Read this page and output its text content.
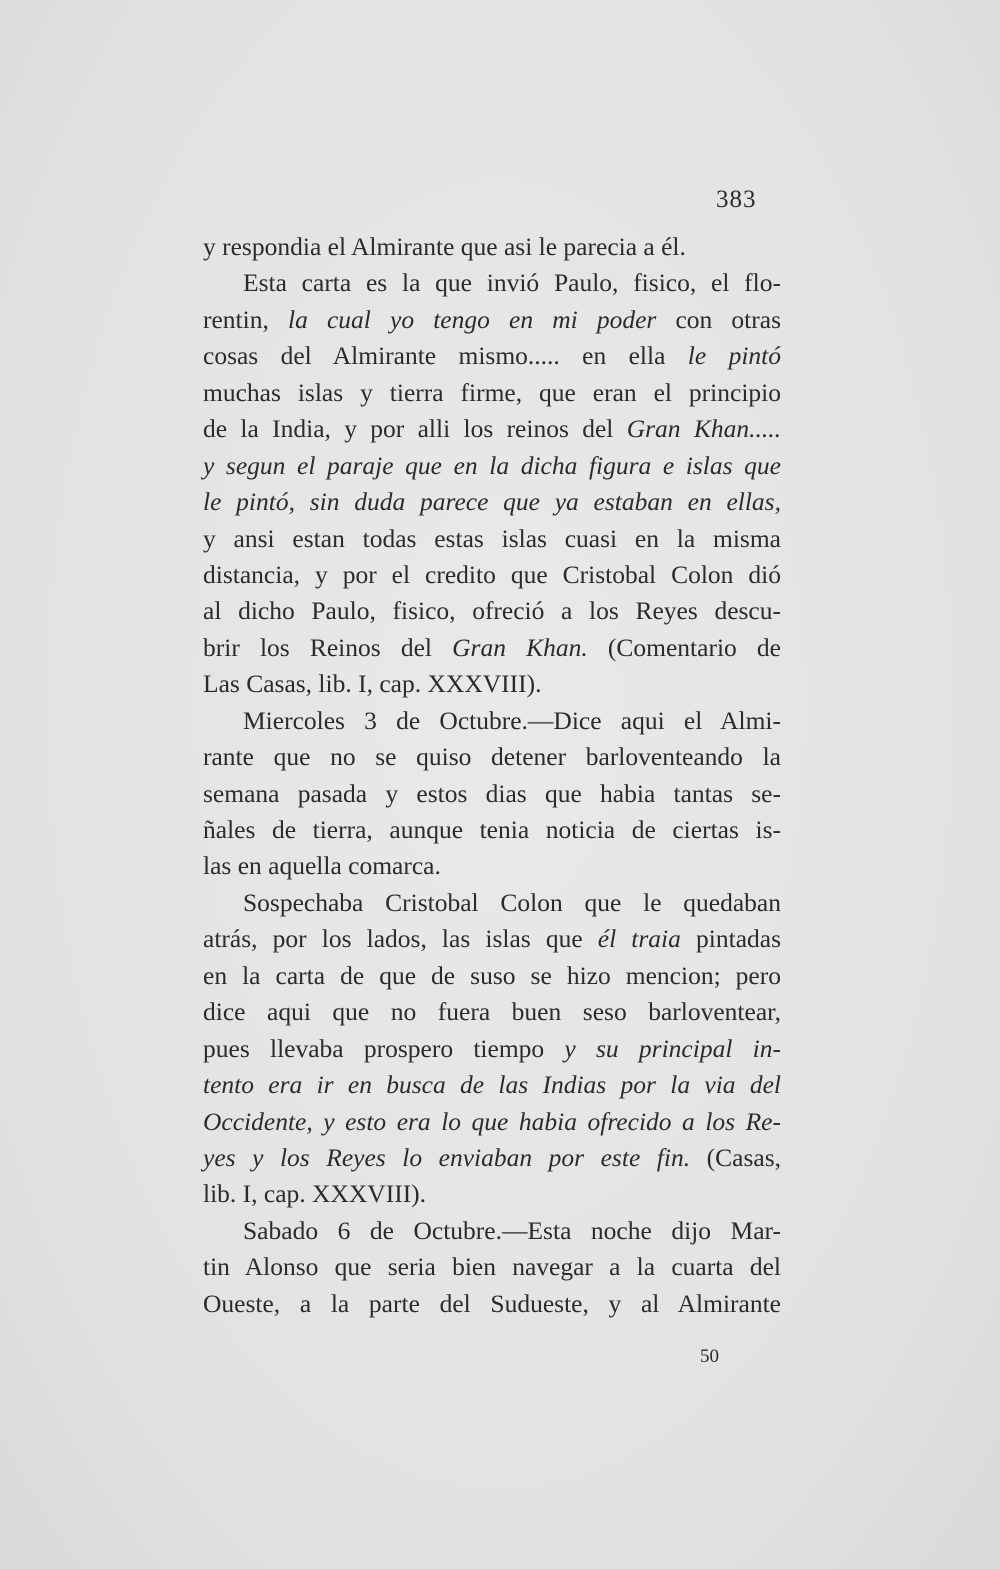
383
y respondia el Almirante que asi le parecia a él.
Esta carta es la que invió Paulo, fisico, el flo-
rentin, la cual yo tengo en mi poder con otras
cosas del Almirante mismo..... en ella le pintó
muchas islas y tierra firme, que eran el principio
de la India, y por alli los reinos del Gran Khan.....
y segun el paraje que en la dicha figura e islas que
le pintó, sin duda parece que ya estaban en ellas,
y ansi estan todas estas islas cuasi en la misma
distancia, y por el credito que Cristobal Colon dió
al dicho Paulo, fisico, ofreció a los Reyes descu-
brir los Reinos del Gran Khan. (Comentario de
Las Casas, lib. I, cap. XXXVIII).
Miercoles 3 de Octubre.—Dice aqui el Almi-
rante que no se quiso detener barloventeando la
semana pasada y estos dias que habia tantas se-
ñales de tierra, aunque tenia noticia de ciertas is-
las en aquella comarca.
Sospechaba Cristobal Colon que le quedaban
atrás, por los lados, las islas que él traia pintadas
en la carta de que de suso se hizo mencion; pero
dice aqui que no fuera buen seso barloventear,
pues llevaba prospero tiempo y su principal in-
tento era ir en busca de las Indias por la via del
Occidente, y esto era lo que habia ofrecido a los Re-
yes y los Reyes lo enviaban por este fin. (Casas,
lib. I, cap. XXXVIII).
Sabado 6 de Octubre.—Esta noche dijo Mar-
tin Alonso que seria bien navegar a la cuarta del
Oueste, a la parte del Sudueste, y al Almirante
50
